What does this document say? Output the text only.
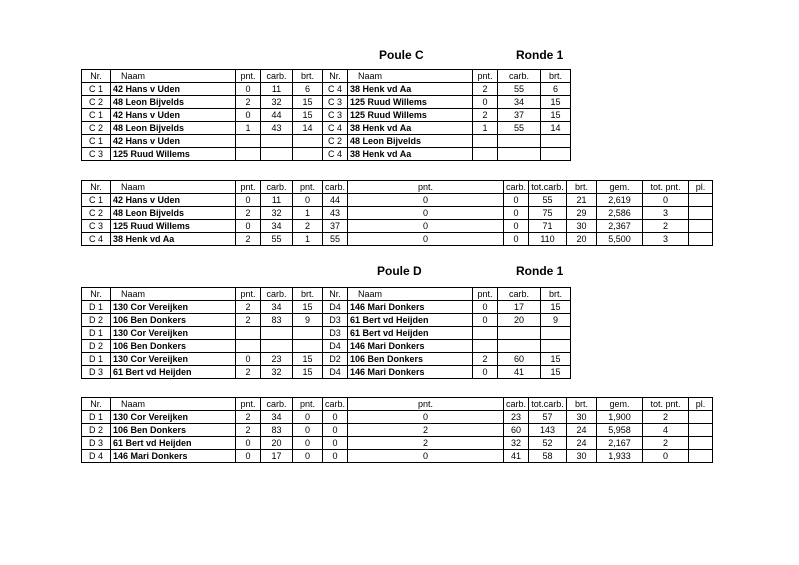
Poule C	Ronde 1
Nr.	Naam	pnt.	carb.	brt.	Nr.	Naam	pnt.	carb.	brt.
C 1	42 Hans v Uden	0	11	6	C 4	38 Henk vd Aa	2	55	6
C 2	48 Leon Bijvelds	2	32	15	C 3	125 Ruud Willems	0	34	15
C 1	42 Hans v Uden	0	44	15	C 3	125 Ruud Willems	2	37	15
C 2	48 Leon Bijvelds	1	43	14	C 4	38 Henk vd Aa	1	55	14
C 1	42 Hans v Uden				C 2	48 Leon Bijvelds			
C 3	125 Ruud Willems				C 4	38 Henk vd Aa			
Nr.	Naam	pnt.	carb.	pnt.	carb.	pnt.	carb.	tot.carb.	brt.	gem.	tot. pnt.	pl.
C 1	42 Hans v Uden	0	11	0	44	0	0	55	21	2,619	0	
C 2	48 Leon Bijvelds	2	32	1	43	0	0	75	29	2,586	3	
C 3	125 Ruud Willems	0	34	2	37	0	0	71	30	2,367	2	
C 4	38 Henk vd Aa	2	55	1	55	0	0	110	20	5,500	3	
Poule D	Ronde 1
Nr.	Naam	pnt.	carb.	brt.	Nr.	Naam	pnt.	carb.	brt.
D 1	130 Cor Vereijken	2	34	15	D4	146 Mari Donkers	0	17	15
D 2	106 Ben Donkers	2	83	9	D3	61 Bert vd Heijden	0	20	9
D 1	130 Cor Vereijken				D3	61 Bert vd Heijden			
D 2	106 Ben Donkers				D4	146 Mari Donkers			
D 1	130 Cor Vereijken	0	23	15	D2	106 Ben Donkers	2	60	15
D 3	61 Bert vd Heijden	2	32	15	D4	146 Mari Donkers	0	41	15
Nr.	Naam	pnt.	carb.	pnt.	carb.	pnt.	carb.	tot.carb.	brt.	gem.	tot. pnt.	pl.
D 1	130 Cor Vereijken	2	34	0	0	0	23	57	30	1,900	2	
D 2	106 Ben Donkers	2	83	0	0	2	60	143	24	5,958	4	
D 3	61 Bert vd Heijden	0	20	0	0	2	32	52	24	2,167	2	
D 4	146 Mari Donkers	0	17	0	0	0	41	58	30	1,933	0	
